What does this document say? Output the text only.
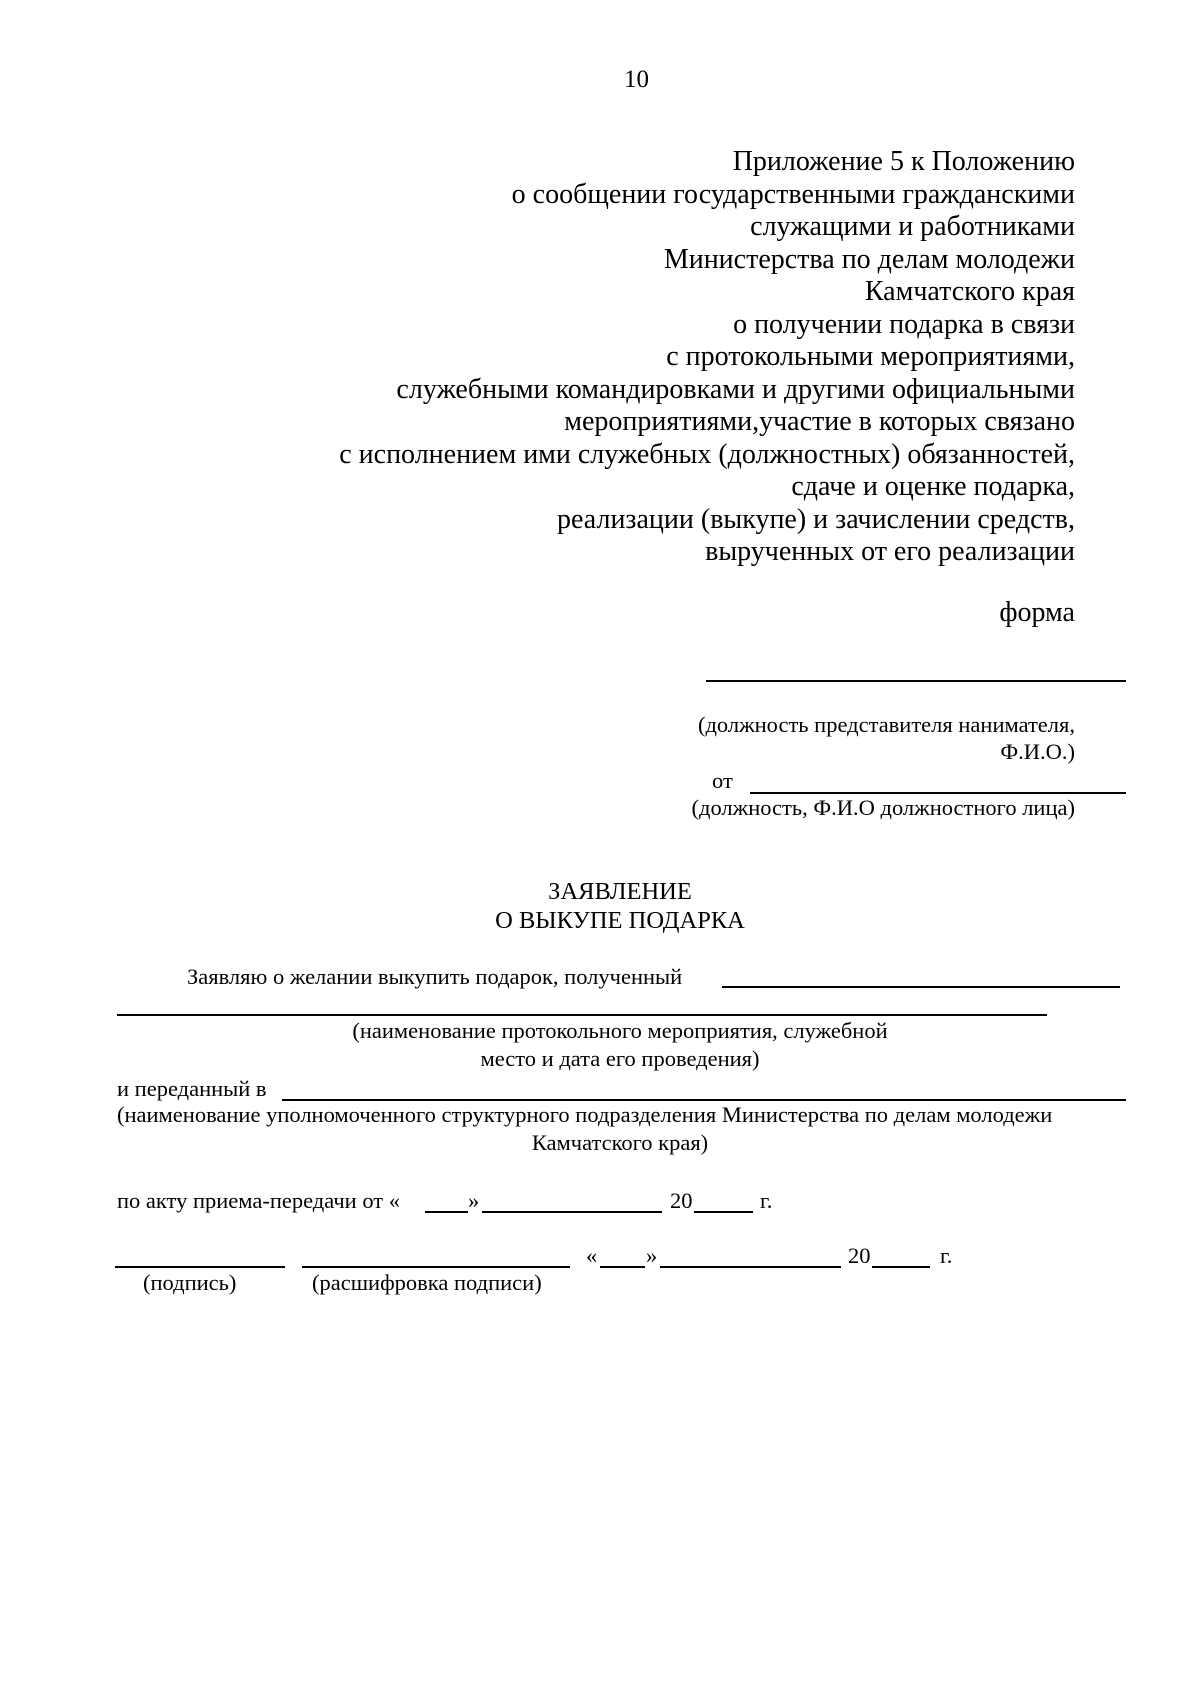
10
Приложение 5 к Положению
о сообщении государственными гражданскими
служащими и работниками
Министерства по делам молодежи
Камчатского края
о получении подарка в связи
с протокольными мероприятиями,
служебными командировками и другими официальными
мероприятиями,участие в которых связано
с исполнением ими служебных (должностных) обязанностей,
сдаче и оценке подарка,
реализации (выкупе) и зачислении средств,
вырученных от его реализации
форма
(должность представителя нанимателя,
Ф.И.О.)
от
(должность, Ф.И.О должностного лица)
ЗАЯВЛЕНИЕ
О ВЫКУПЕ ПОДАРКА
Заявляю о желании выкупить подарок, полученный
(наименование протокольного мероприятия, служебной
место и дата его проведения)
и переданный в
(наименование уполномоченного структурного подразделения Министерства по делам молодежи
Камчатского края)
по акту приема-передачи от «	»	20	г.
« »	20	г.
(подпись)	(расшифровка подписи)
